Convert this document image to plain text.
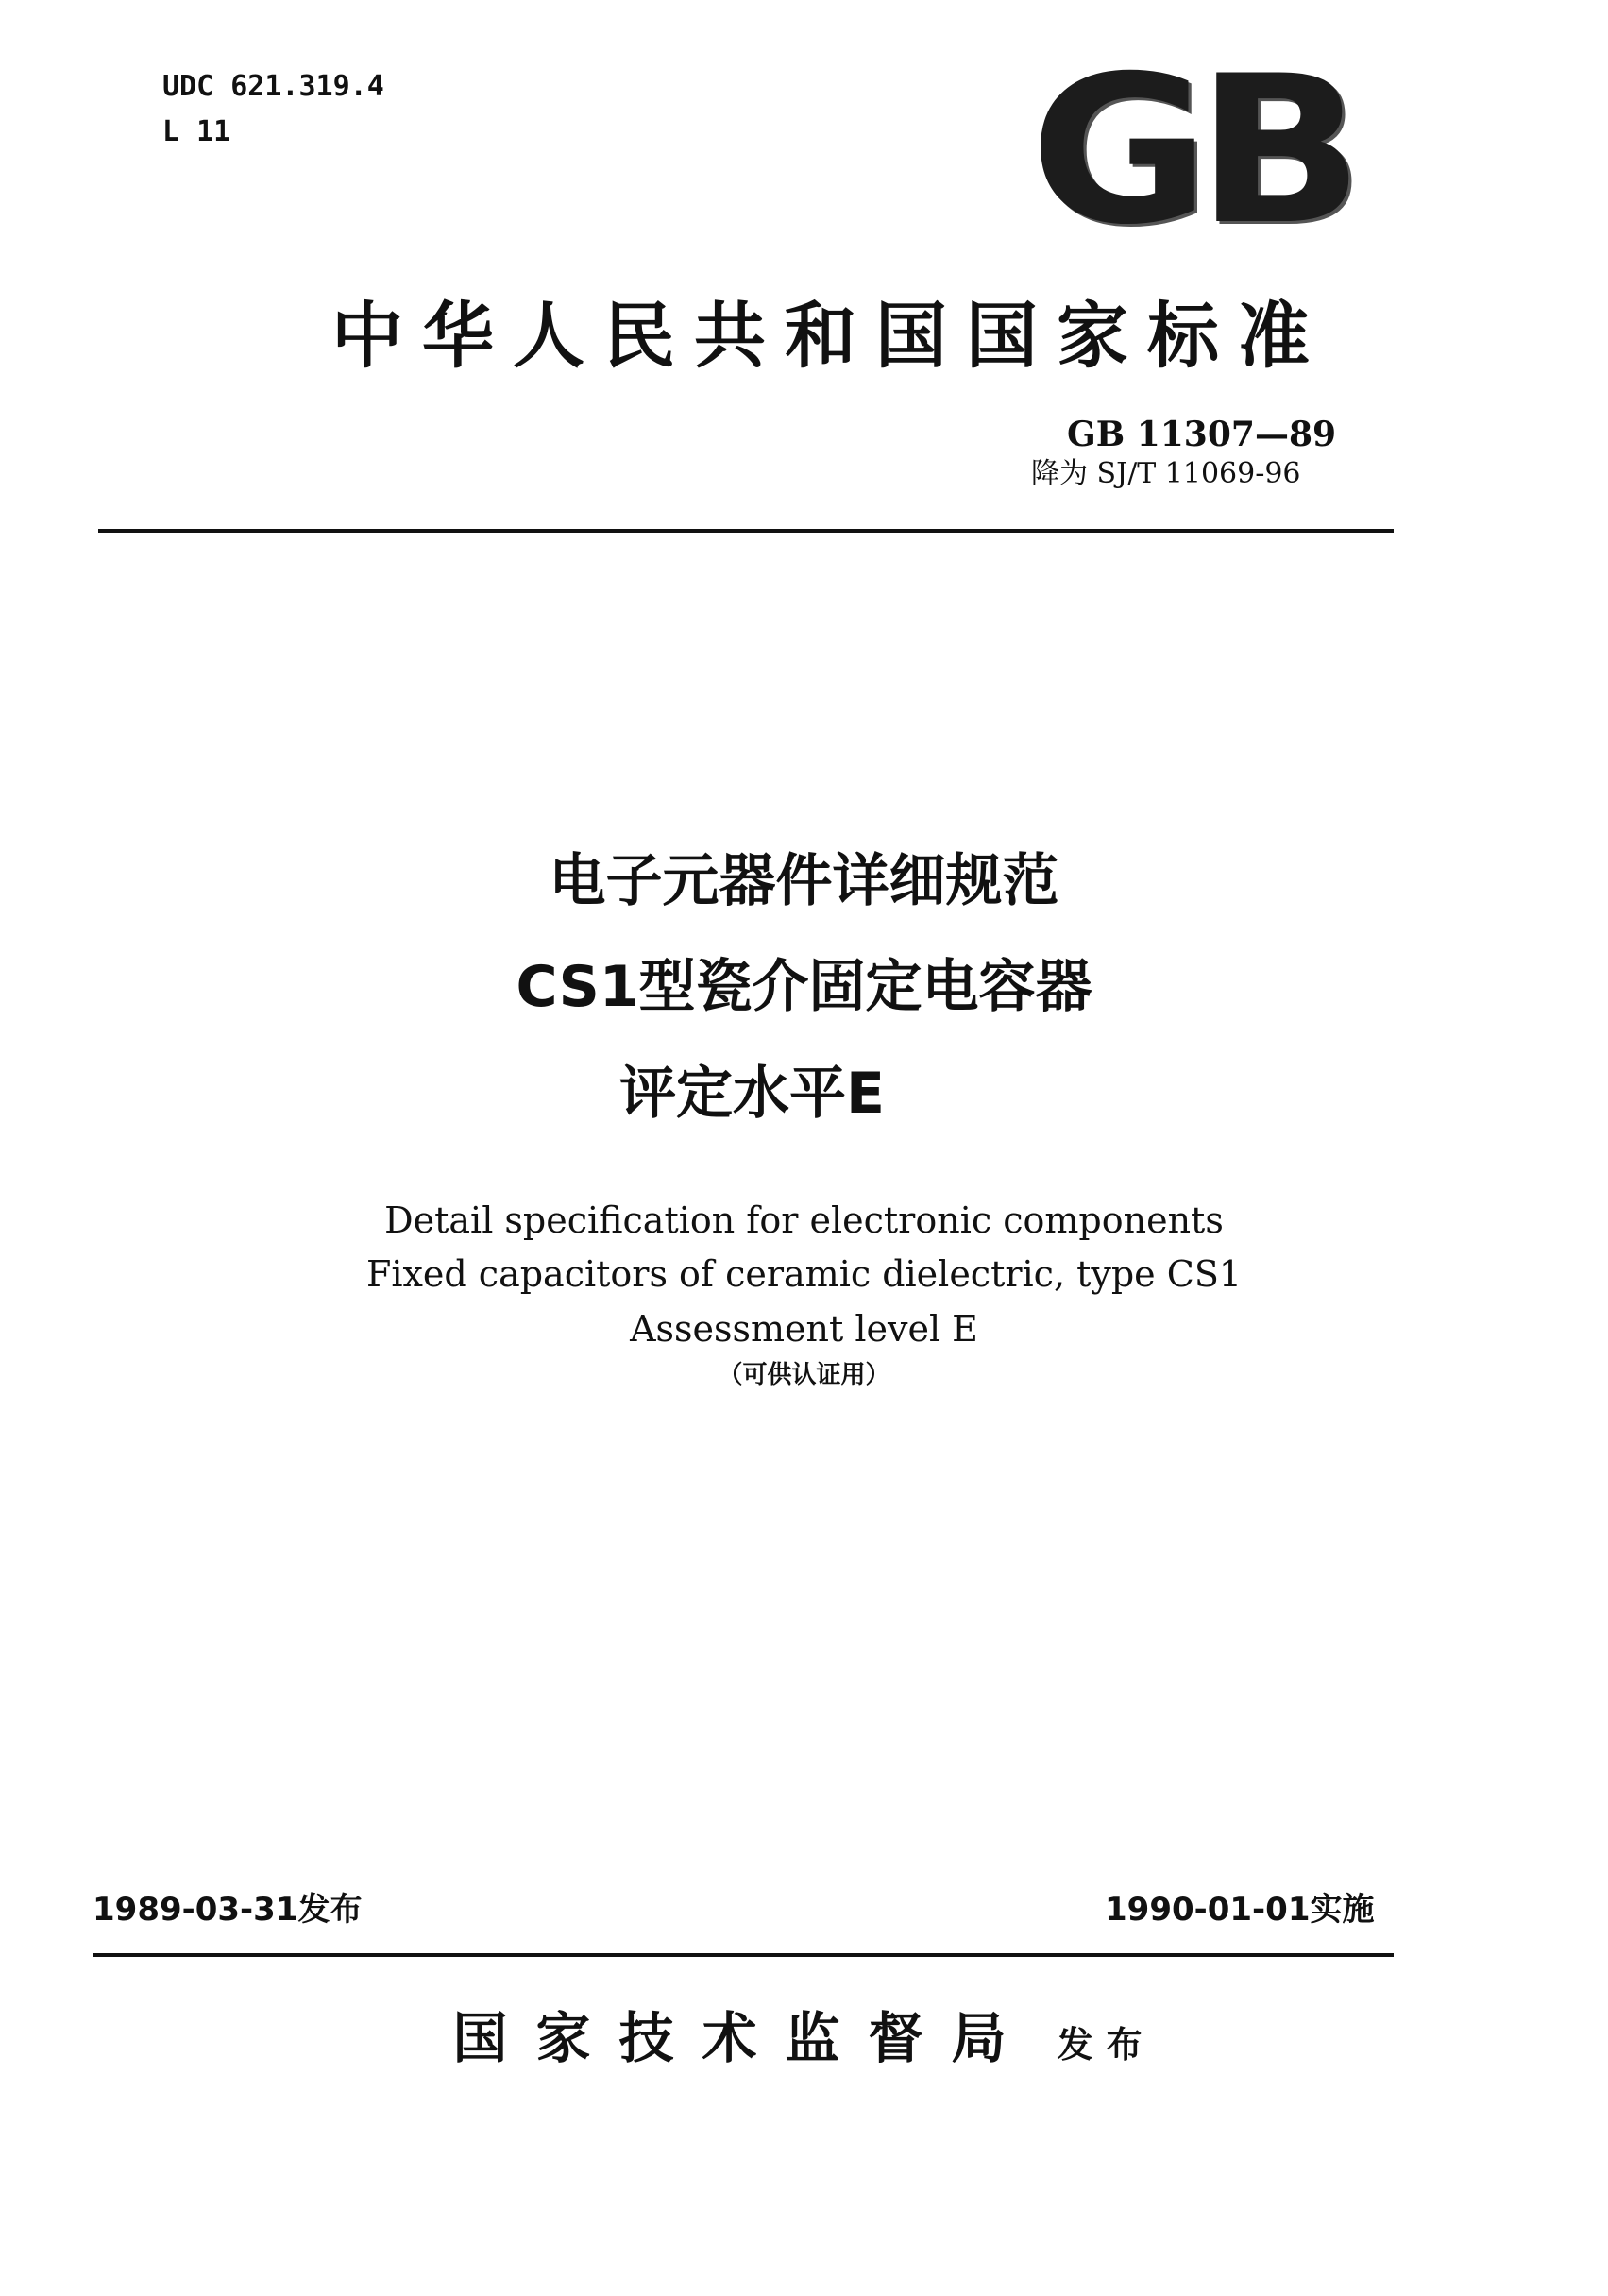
UDC 621.319.4
L 11	GB
中华人民共和国国家标准
GB 11307—89
降为 SJ/T 11069-96
电子元器件详细规范
CS1型瓷介固定电容器
评定水平E
Detail specification for electronic components
Fixed capacitors of ceramic dielectric, type CS1
Assessment level E
（可供认证用）
1989-03-31发布	1990-01-01实施
国家技术监督局 发布
